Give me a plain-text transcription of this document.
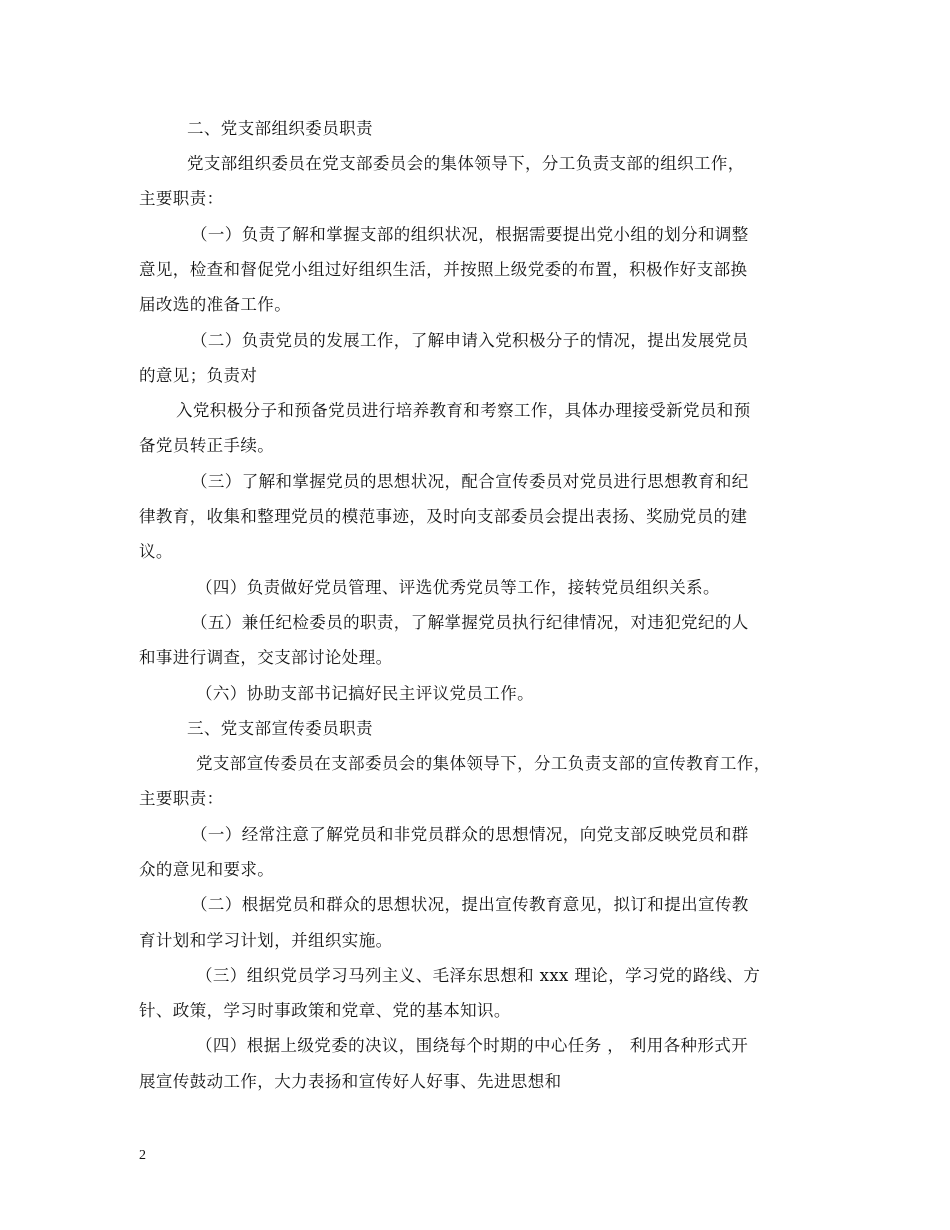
二、党支部组织委员职责
党支部组织委员在党支部委员会的集体领导下，分工负责支部的组织工作，
主要职责：
（一）负责了解和掌握支部的组织状况，根据需要提出党小组的划分和调整
意见，检查和督促党小组过好组织生活，并按照上级党委的布置，积极作好支部换
届改选的准备工作。
（二）负责党员的发展工作，了解申请入党积极分子的情况，提出发展党员
的意见；负责对
入党积极分子和预备党员进行培养教育和考察工作，具体办理接受新党员和预
备党员转正手续。
（三）了解和掌握党员的思想状况，配合宣传委员对党员进行思想教育和纪
律教育，收集和整理党员的模范事迹，及时向支部委员会提出表扬、奖励党员的建
议。
（四）负责做好党员管理、评选优秀党员等工作，接转党员组织关系。
（五）兼任纪检委员的职责，了解掌握党员执行纪律情况，对违犯党纪的人
和事进行调查，交支部讨论处理。
（六）协助支部书记搞好民主评议党员工作。
三、党支部宣传委员职责
党支部宣传委员在支部委员会的集体领导下，分工负责支部的宣传教育工作，
主要职责：
（一）经常注意了解党员和非党员群众的思想情况，向党支部反映党员和群
众的意见和要求。
（二）根据党员和群众的思想状况，提出宣传教育意见，拟订和提出宣传教
育计划和学习计划，并组织实施。
（三）组织党员学习马列主义、毛泽东思想和 xxx 理论，学习党的路线、方
针、政策，学习时事政策和党章、党的基本知识。
（四）根据上级党委的决议，围绕每个时期的中心任务 ， 利用各种形式开
展宣传鼓动工作，大力表扬和宣传好人好事、先进思想和
2
